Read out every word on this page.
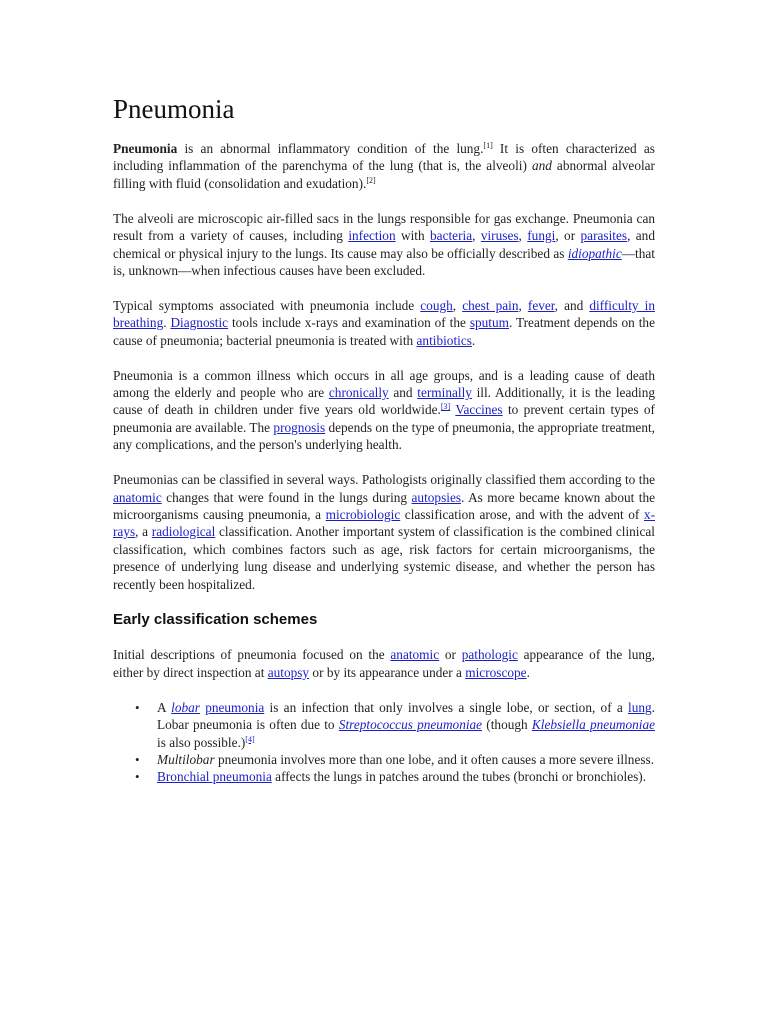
Pneumonia

Pneumonia is an abnormal inflammatory condition of the lung.[1] It is often characterized as including inflammation of the parenchyma of the lung (that is, the alveoli) and abnormal alveolar filling with fluid (consolidation and exudation).[2]

The alveoli are microscopic air-filled sacs in the lungs responsible for gas exchange. Pneumonia can result from a variety of causes, including infection with bacteria, viruses, fungi, or parasites, and chemical or physical injury to the lungs. Its cause may also be officially described as idiopathic—that is, unknown—when infectious causes have been excluded.

Typical symptoms associated with pneumonia include cough, chest pain, fever, and difficulty in breathing. Diagnostic tools include x-rays and examination of the sputum. Treatment depends on the cause of pneumonia; bacterial pneumonia is treated with antibiotics.

Pneumonia is a common illness which occurs in all age groups, and is a leading cause of death among the elderly and people who are chronically and terminally ill. Additionally, it is the leading cause of death in children under five years old worldwide.[3] Vaccines to prevent certain types of pneumonia are available. The prognosis depends on the type of pneumonia, the appropriate treatment, any complications, and the person's underlying health.

Pneumonias can be classified in several ways. Pathologists originally classified them according to the anatomic changes that were found in the lungs during autopsies. As more became known about the microorganisms causing pneumonia, a microbiologic classification arose, and with the advent of x-rays, a radiological classification. Another important system of classification is the combined clinical classification, which combines factors such as age, risk factors for certain microorganisms, the presence of underlying lung disease and underlying systemic disease, and whether the person has recently been hospitalized.

Early classification schemes

Initial descriptions of pneumonia focused on the anatomic or pathologic appearance of the lung, either by direct inspection at autopsy or by its appearance under a microscope.

• A lobar pneumonia is an infection that only involves a single lobe, or section, of a lung. Lobar pneumonia is often due to Streptococcus pneumoniae (though Klebsiella pneumoniae is also possible.)[4]
• Multilobar pneumonia involves more than one lobe, and it often causes a more severe illness.
• Bronchial pneumonia affects the lungs in patches around the tubes (bronchi or bronchioles).
